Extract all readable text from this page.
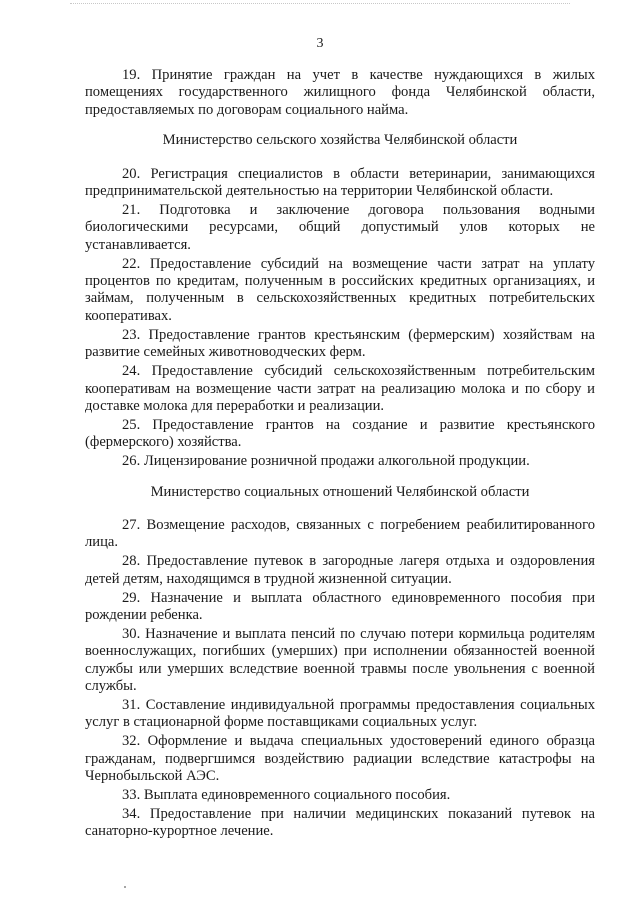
3

19. Принятие граждан на учет в качестве нуждающихся в жилых помещениях государственного жилищного фонда Челябинской области, предоставляемых по договорам социального найма.

Министерство сельского хозяйства Челябинской области

20. Регистрация специалистов в области ветеринарии, занимающихся предпринимательской деятельностью на территории Челябинской области.

21. Подготовка и заключение договора пользования водными биологическими ресурсами, общий допустимый улов которых не устанавливается.

22. Предоставление субсидий на возмещение части затрат на уплату процентов по кредитам, полученным в российских кредитных организациях, и займам, полученным в сельскохозяйственных кредитных потребительских кооперативах.

23. Предоставление грантов крестьянским (фермерским) хозяйствам на развитие семейных животноводческих ферм.

24. Предоставление субсидий сельскохозяйственным потребительским кооперативам на возмещение части затрат на реализацию молока и по сбору и доставке молока для переработки и реализации.

25. Предоставление грантов на создание и развитие крестьянского (фермерского) хозяйства.

26. Лицензирование розничной продажи алкогольной продукции.

Министерство социальных отношений Челябинской области

27. Возмещение расходов, связанных с погребением реабилитированного лица.

28. Предоставление путевок в загородные лагеря отдыха и оздоровления детей детям, находящимся в трудной жизненной ситуации.

29. Назначение и выплата областного единовременного пособия при рождении ребенка.

30. Назначение и выплата пенсий по случаю потери кормильца родителям военнослужащих, погибших (умерших) при исполнении обязанностей военной службы или умерших вследствие военной травмы после увольнения с военной службы.

31. Составление индивидуальной программы предоставления социальных услуг в стационарной форме поставщиками социальных услуг.

32. Оформление и выдача специальных удостоверений единого образца гражданам, подвергшимся воздействию радиации вследствие катастрофы на Чернобыльской АЭС.

33. Выплата единовременного социального пособия.

34. Предоставление при наличии медицинских показаний путевок на санаторно-курортное лечение.
